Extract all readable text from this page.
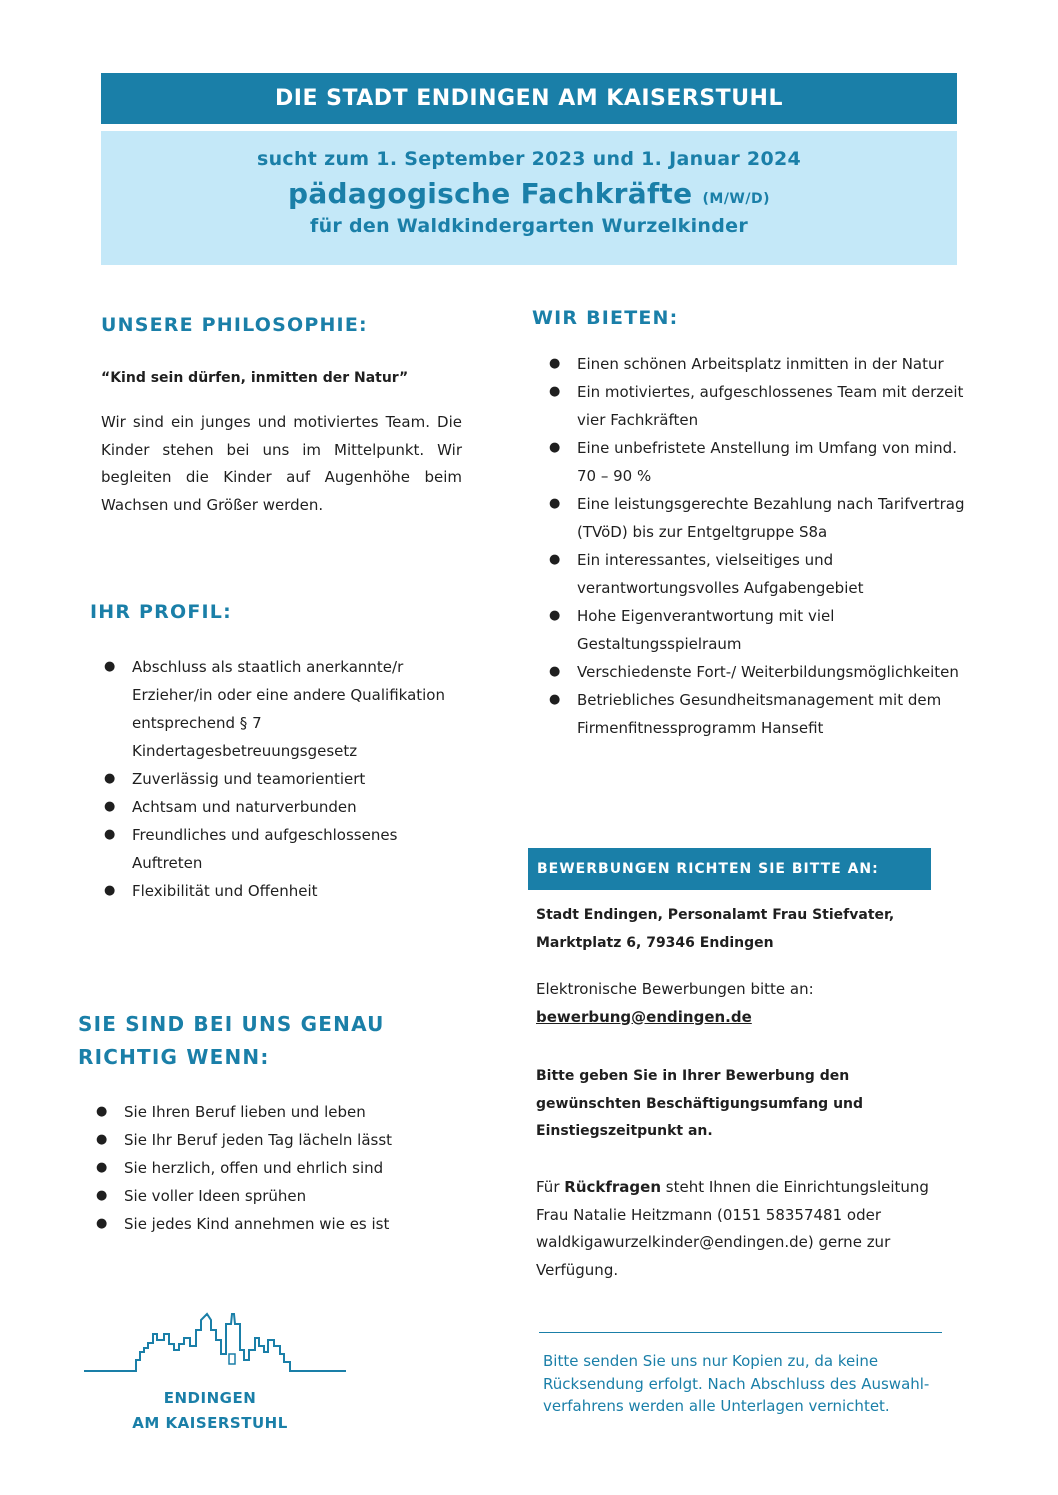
DIE STADT ENDINGEN AM KAISERSTUHL
sucht zum 1. September 2023 und 1. Januar 2024
pädagogische Fachkräfte (M/W/D)
für den Waldkindergarten Wurzelkinder
UNSERE PHILOSOPHIE:

“Kind sein dürfen, inmitten der Natur”

Wir sind ein junges und motiviertes Team. Die Kinder stehen bei uns im Mittelpunkt. Wir begleiten die Kinder auf Augenhöhe beim Wachsen und Größer werden.

IHR PROFIL:
● Abschluss als staatlich anerkannte/r Erzieher/in oder eine andere Qualifikation entsprechend § 7 Kindertagesbetreuungsgesetz
● Zuverlässig und teamorientiert
● Achtsam und naturverbunden
● Freundliches und aufgeschlossenes Auftreten
● Flexibilität und Offenheit
SIE SIND BEI UNS GENAU
RICHTIG WENN:
● Sie Ihren Beruf lieben und leben
● Sie Ihr Beruf jeden Tag lächeln lässt
● Sie herzlich, offen und ehrlich sind
● Sie voller Ideen sprühen
● Sie jedes Kind annehmen wie es ist
ENDINGEN
AM KAISERSTUHL
WIR BIETEN:
● Einen schönen Arbeitsplatz inmitten in der Natur
● Ein motiviertes, aufgeschlossenes Team mit derzeit vier Fachkräften
● Eine unbefristete Anstellung im Umfang von mind. 70 – 90 %
● Eine leistungsgerechte Bezahlung nach Tarifvertrag (TVöD) bis zur Entgeltgruppe S8a
● Ein interessantes, vielseitiges und verantwortungsvolles Aufgabengebiet
● Hohe Eigenverantwortung mit viel Gestaltungsspielraum
● Verschiedenste Fort-/ Weiterbildungsmöglichkeiten
● Betriebliches Gesundheitsmanagement mit dem Firmenfitnessprogramm Hansefit
BEWERBUNGEN RICHTEN SIE BITTE AN:

Stadt Endingen, Personalamt Frau Stiefvater,
Marktplatz 6, 79346 Endingen

Elektronische Bewerbungen bitte an:
bewerbung@endingen.de

Bitte geben Sie in Ihrer Bewerbung den gewünschten Beschäftigungsumfang und Einstiegszeitpunkt an.

Für Rückfragen steht Ihnen die Einrichtungsleitung Frau Natalie Heitzmann (0151 58357481 oder waldkigawurzelkinder@endingen.de) gerne zur Verfügung.

Bitte senden Sie uns nur Kopien zu, da keine Rücksendung erfolgt. Nach Abschluss des Auswahl-verfahrens werden alle Unterlagen vernichtet.
